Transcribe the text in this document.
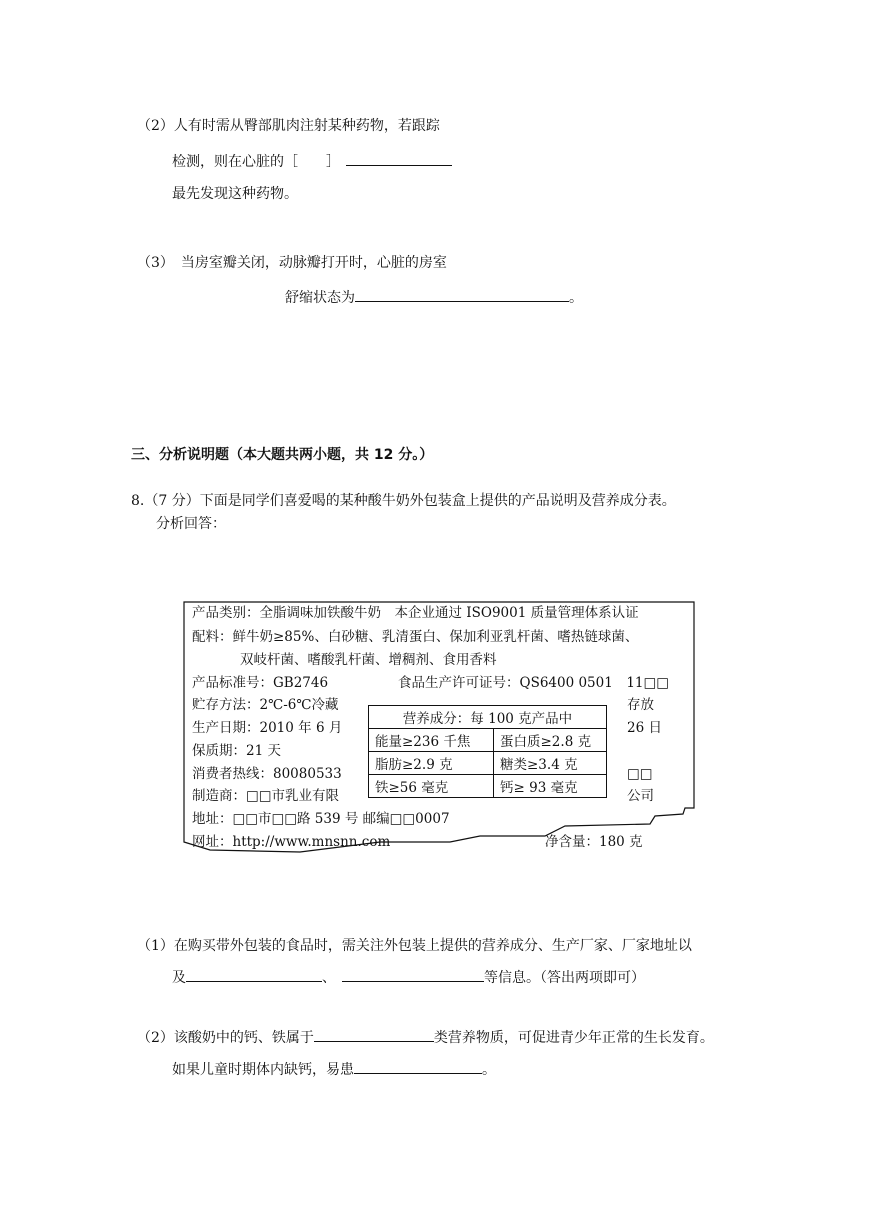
（2）人有时需从臀部肌肉注射某种药物，若跟踪
检测，则在心脏的［ ］
最先发现这种药物。
（3）　当房室瓣关闭，动脉瓣打开时，心脏的房室
舒缩状态为	。
三、分析说明题（本大题共两小题，共 12 分。）
8.（7 分）下面是同学们喜爱喝的某种酸牛奶外包装盒上提供的产品说明及营养成分表。
分析回答：
产品类别：全脂调味加铁酸牛奶　本企业通过 ISO9001 质量管理体系认证
配料：鲜牛奶≥85%、白砂糖、乳清蛋白、保加利亚乳杆菌、嗜热链球菌、
双岐杆菌、嗜酸乳杆菌、增稠剂、食用香料
产品标准号：GB2746	食品生产许可证号：QS6400 0501　11□□
贮存方法：2℃-6℃冷藏	存放
生产日期：2010 年 6 月	26 日
保质期：21 天
消费者热线：80080533	□□
制造商：□□市乳业有限	公司
地址：□□市□□路 539 号 邮编□□0007
网址：http://www.mnsnn.com	净含量：180 克
营养成分：每 100 克产品中	
能量≥236 千焦	蛋白质≥2.8 克
脂肪≥2.9 克	糖类≥3.4 克
铁≥56 毫克	钙≥ 93 毫克
（1）在购买带外包装的食品时，需关注外包装上提供的营养成分、生产厂家、厂家地址以
及	、	等信息。（答出两项即可）
（2）该酸奶中的钙、铁属于	类营养物质，可促进青少年正常的生长发育。
如果儿童时期体内缺钙，易患	。
